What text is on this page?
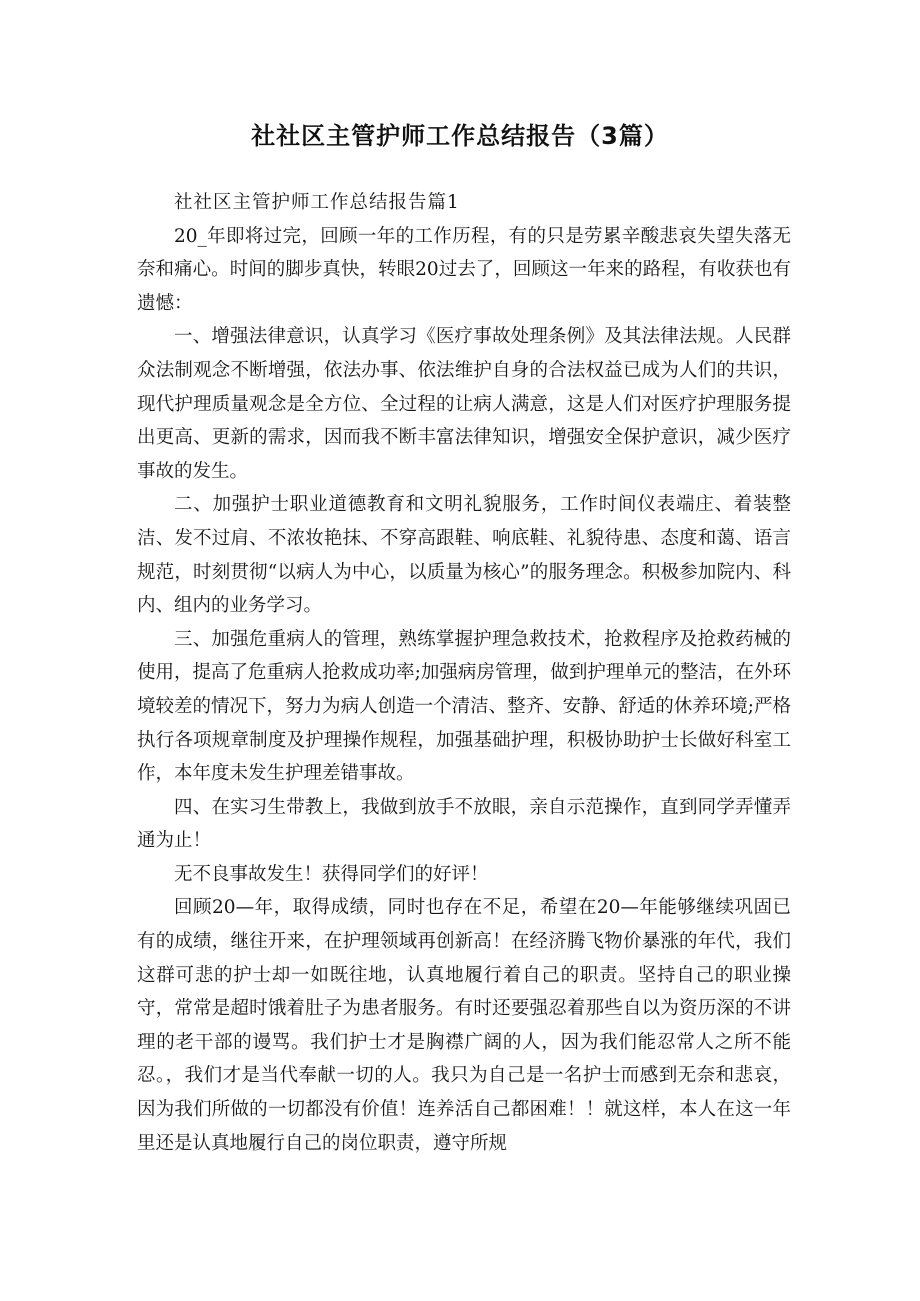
社社区主管护师工作总结报告（3篇）

社社区主管护师工作总结报告篇1

20_年即将过完，回顾一年的工作历程，有的只是劳累辛酸悲哀失望失落无奈和痛心。时间的脚步真快，转眼20过去了，回顾这一年来的路程，有收获也有遗憾：

一、增强法律意识，认真学习《医疗事故处理条例》及其法律法规。人民群众法制观念不断增强，依法办事、依法维护自身的合法权益已成为人们的共识，现代护理质量观念是全方位、全过程的让病人满意，这是人们对医疗护理服务提出更高、更新的需求，因而我不断丰富法律知识，增强安全保护意识，减少医疗事故的发生。

二、加强护士职业道德教育和文明礼貌服务，工作时间仪表端庄、着装整洁、发不过肩、不浓妆艳抹、不穿高跟鞋、响底鞋、礼貌待患、态度和蔼、语言规范，时刻贯彻“以病人为中心，以质量为核心”的服务理念。积极参加院内、科内、组内的业务学习。

三、加强危重病人的管理，熟练掌握护理急救技术，抢救程序及抢救药械的使用，提高了危重病人抢救成功率;加强病房管理，做到护理单元的整洁，在外环境较差的情况下，努力为病人创造一个清洁、整齐、安静、舒适的休养环境;严格执行各项规章制度及护理操作规程，加强基础护理，积极协助护士长做好科室工作，本年度未发生护理差错事故。

四、在实习生带教上，我做到放手不放眼，亲自示范操作，直到同学弄懂弄通为止！

无不良事故发生！获得同学们的好评！

回顾20—年，取得成绩，同时也存在不足，希望在20—年能够继续巩固已有的成绩，继往开来，在护理领域再创新高！在经济腾飞物价暴涨的年代，我们这群可悲的护士却一如既往地，认真地履行着自己的职责。坚持自己的职业操守，常常是超时饿着肚子为患者服务。有时还要强忍着那些自以为资历深的不讲理的老干部的谩骂。我们护士才是胸襟广阔的人，因为我们能忍常人之所不能忍。，我们才是当代奉献一切的人。我只为自己是一名护士而感到无奈和悲哀，因为我们所做的一切都没有价值！连养活自己都困难！！就这样，本人在这一年里还是认真地履行自己的岗位职责，遵守所规
